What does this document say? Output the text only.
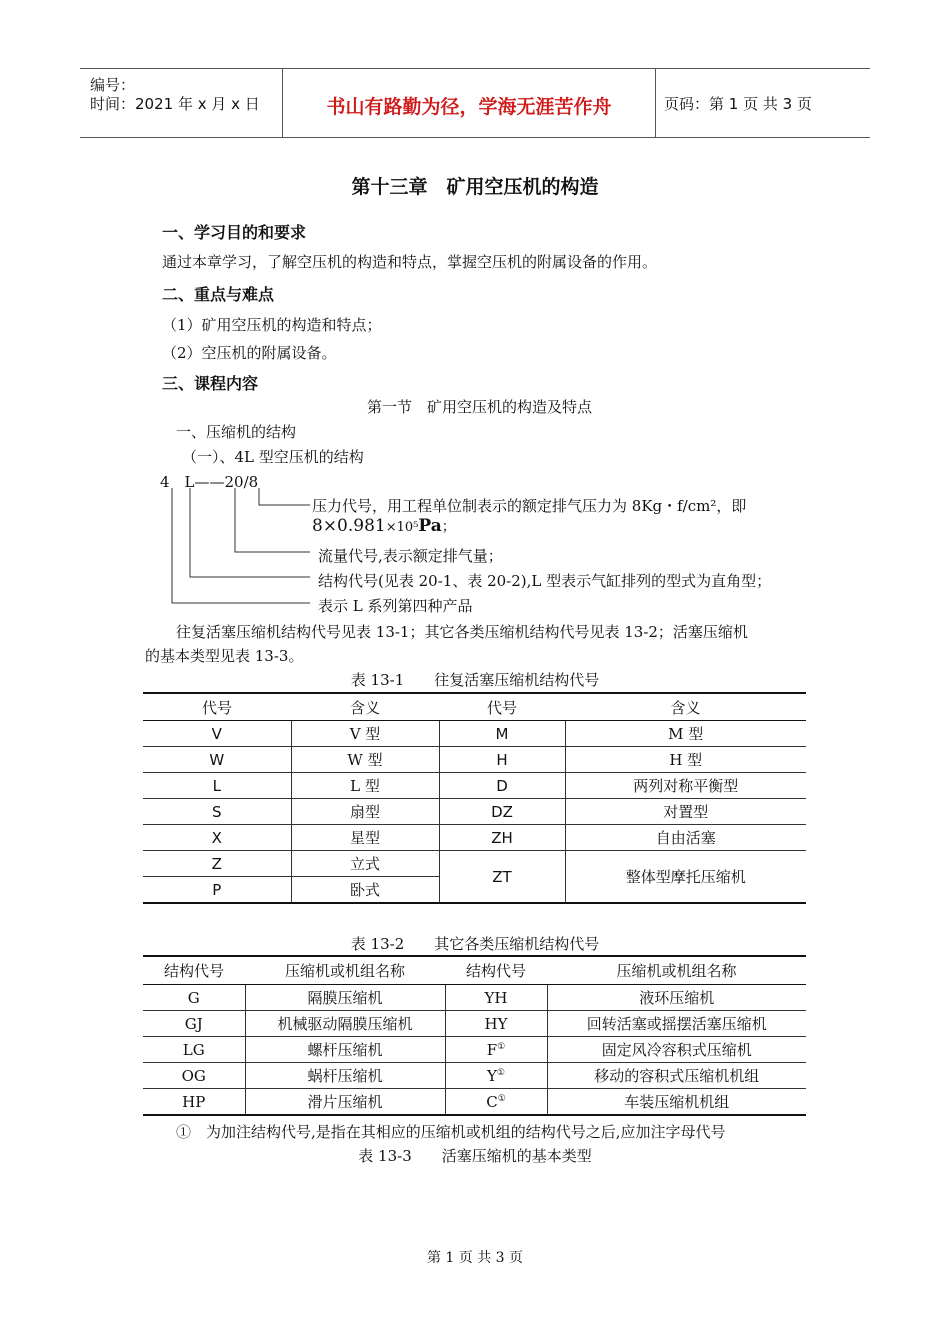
编号：
时间：2021 年 x 月 x 日	书山有路勤为径，学海无涯苦作舟	页码：第 1 页 共 3 页
第十三章　矿用空压机的构造
一、学习目的和要求
通过本章学习，了解空压机的构造和特点，掌握空压机的附属设备的作用。
二、重点与难点
（1）矿用空压机的构造和特点；
（2）空压机的附属设备。
三、课程内容
第一节　矿用空压机的构造及特点
一、压缩机的结构
（一）、4L 型空压机的结构
4　L——20/8
压力代号，用工程单位制表示的额定排气压力为 8Kg・f/cm²，即
8×0.981×10⁵Pa；
流量代号,表示额定排气量；
结构代号(见表 20-1、表 20-2),L 型表示气缸排列的型式为直角型；
表示 L 系列第四种产品
往复活塞压缩机结构代号见表 13-1；其它各类压缩机结构代号见表 13-2；活塞压缩机
的基本类型见表 13-3。
表 13-1　　往复活塞压缩机结构代号
代号	含义	代号	含义
V	V 型	M	M 型
W	W 型	H	H 型
L	L 型	D	两列对称平衡型
S	扇型	DZ	对置型
X	星型	ZH	自由活塞
Z	立式	ZT	整体型摩托压缩机
P	卧式		
表 13-2　　其它各类压缩机结构代号
结构代号	压缩机或机组名称	结构代号	压缩机或机组名称
G	隔膜压缩机	YH	液环压缩机
GJ	机械驱动隔膜压缩机	HY	回转活塞或摇摆活塞压缩机
LG	螺杆压缩机	F①	固定风冷容积式压缩机
OG	蜗杆压缩机	Y①	移动的容积式压缩机机组
HP	滑片压缩机	C①	车装压缩机机组
①　为加注结构代号,是指在其相应的压缩机或机组的结构代号之后,应加注字母代号
表 13-3　　活塞压缩机的基本类型
第 1 页 共 3 页
